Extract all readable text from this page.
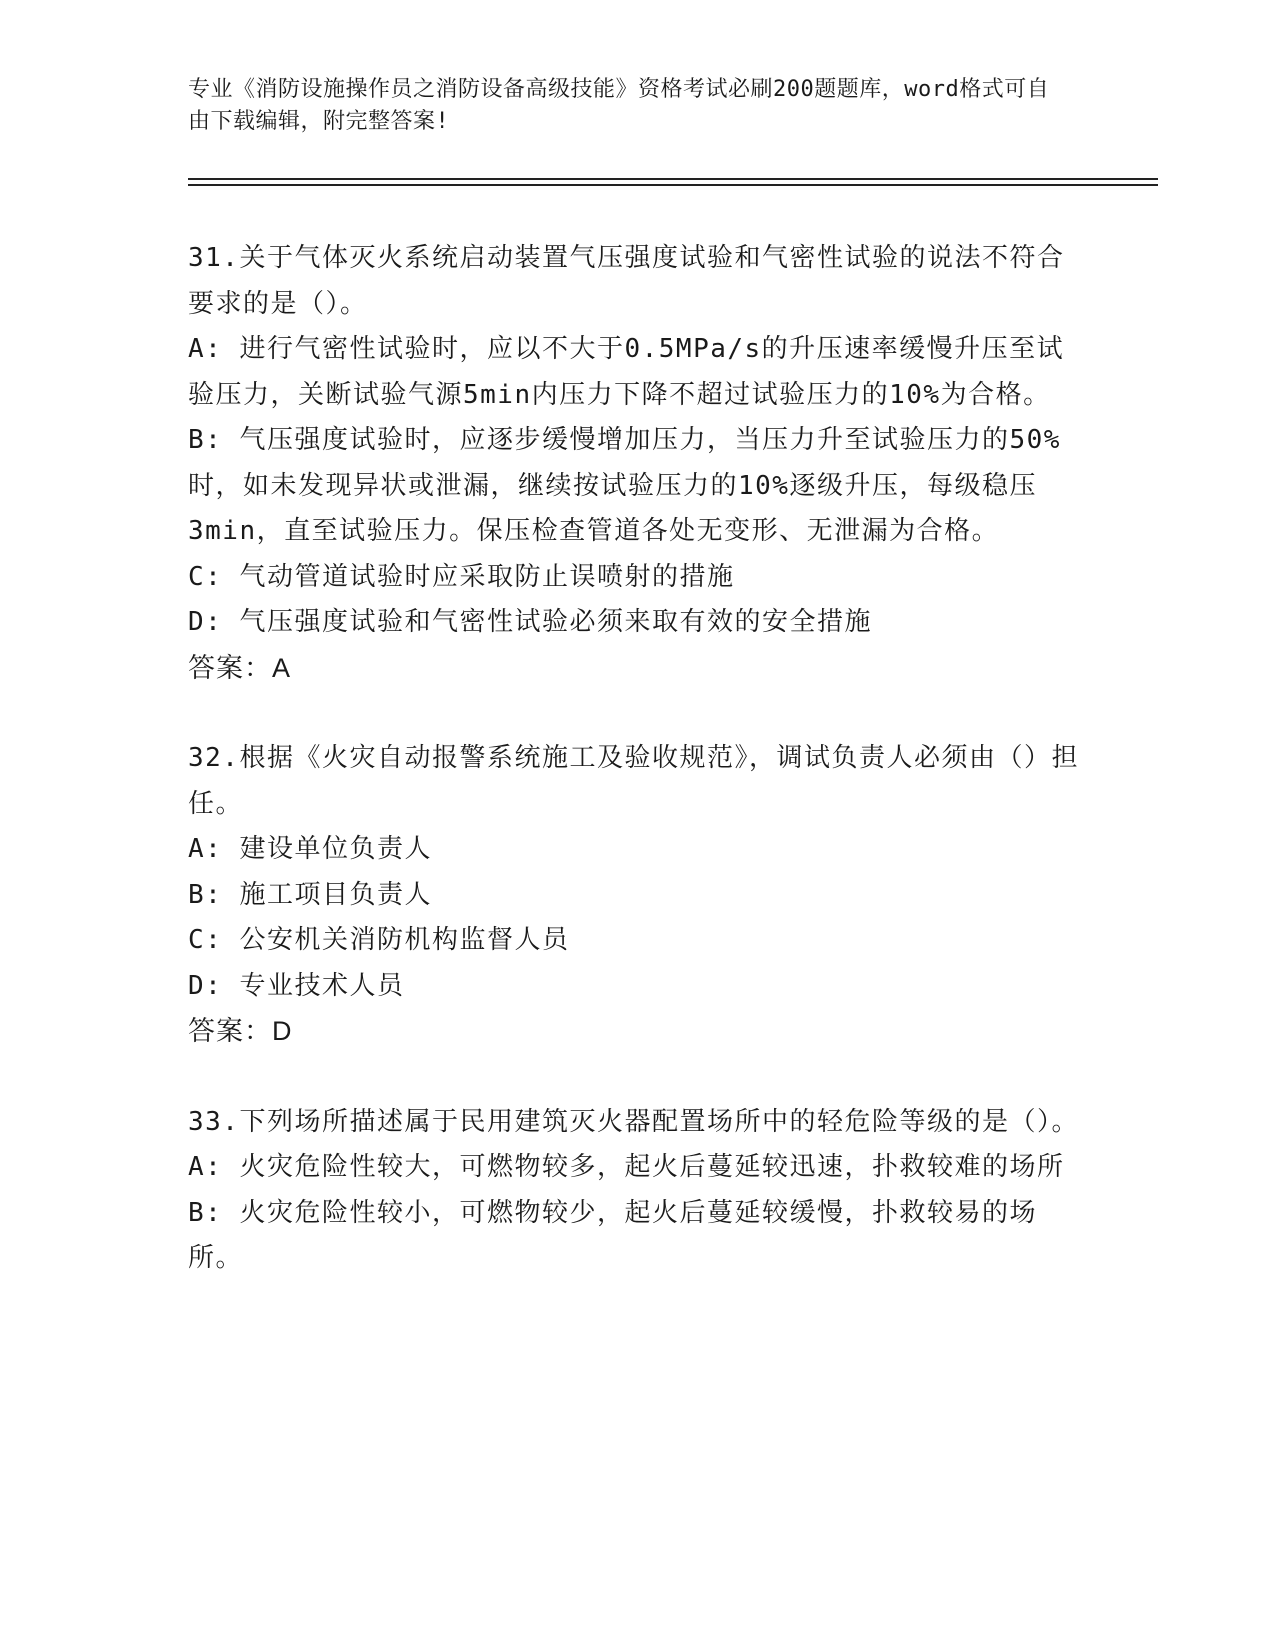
专业《消防设施操作员之消防设备高级技能》资格考试必刷200题题库，word格式可自由下载编辑，附完整答案!

31.关于气体灭火系统启动装置气压强度试验和气密性试验的说法不符合要求的是（）。

A: 进行气密性试验时，应以不大于0.5MPa/s的升压速率缓慢升压至试验压力，关断试验气源5min内压力下降不超过试验压力的10%为合格。

B: 气压强度试验时，应逐步缓慢增加压力，当压力升至试验压力的50%时，如未发现异状或泄漏，继续按试验压力的10%逐级升压，每级稳压3min，直至试验压力。保压检查管道各处无变形、无泄漏为合格。

C: 气动管道试验时应采取防止误喷射的措施

D: 气压强度试验和气密性试验必须来取有效的安全措施

答案：A

32.根据《火灾自动报警系统施工及验收规范》，调试负责人必须由（）担任。

A: 建设单位负责人

B: 施工项目负责人

C: 公安机关消防机构监督人员

D: 专业技术人员

答案：D

33.下列场所描述属于民用建筑灭火器配置场所中的轻危险等级的是（）。

A: 火灾危险性较大，可燃物较多，起火后蔓延较迅速，扑救较难的场所

B: 火灾危险性较小，可燃物较少，起火后蔓延较缓慢，扑救较易的场所。
